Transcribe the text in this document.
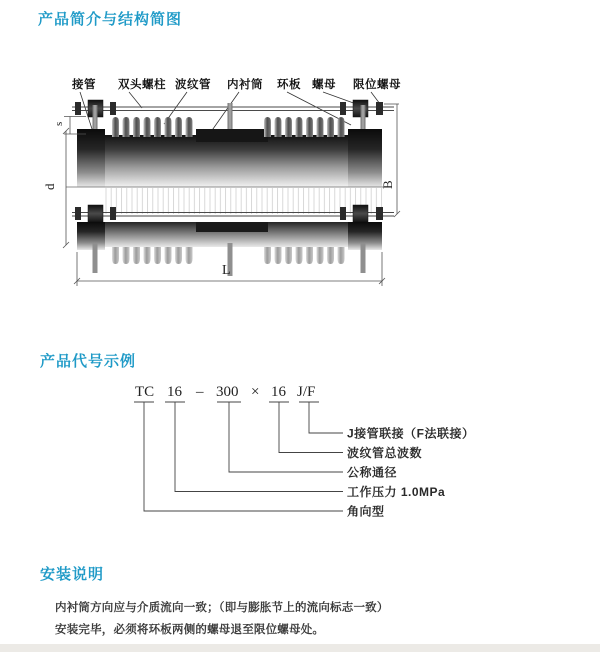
产品简介与结构简图
接管 双头螺柱 波纹管 内衬筒 环板 螺母 限位螺母
s
d	B
L
TC 16 – 300 × 16 J/F
J接管联接（F法联接）
波纹管总波数
公称通径
工作压力 1.0MPa
角向型
产品代号示例
安装说明
内衬筒方向应与介质流向一致；（即与膨胀节上的流向标志一致）
安装完毕，必须将环板两侧的螺母退至限位螺母处。
